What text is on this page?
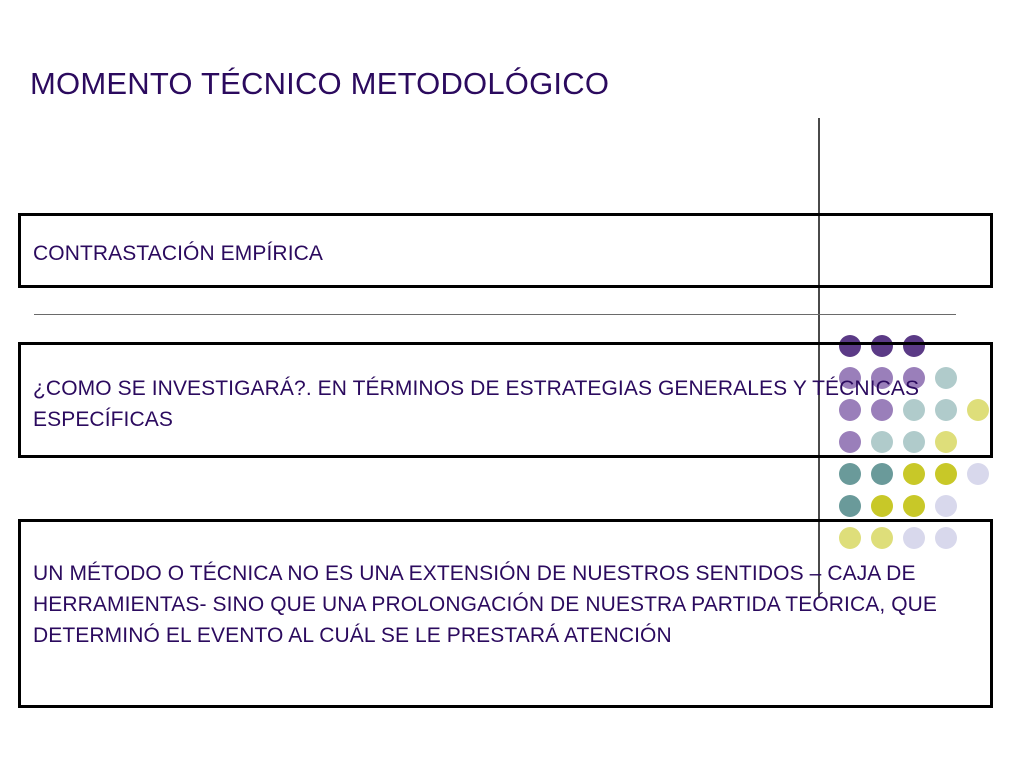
MOMENTO TÉCNICO METODOLÓGICO
CONTRASTACIÓN EMPÍRICA
¿COMO SE INVESTIGARÁ?. EN TÉRMINOS DE ESTRATEGIAS GENERALES Y TÉCNICAS ESPECÍFICAS
UN MÉTODO O TÉCNICA NO ES UNA EXTENSIÓN DE NUESTROS SENTIDOS – CAJA DE HERRAMIENTAS- SINO QUE UNA PROLONGACIÓN DE NUESTRA PARTIDA TEÓRICA, QUE DETERMINÓ EL EVENTO AL CUÁL SE LE PRESTARÁ ATENCIÓN
